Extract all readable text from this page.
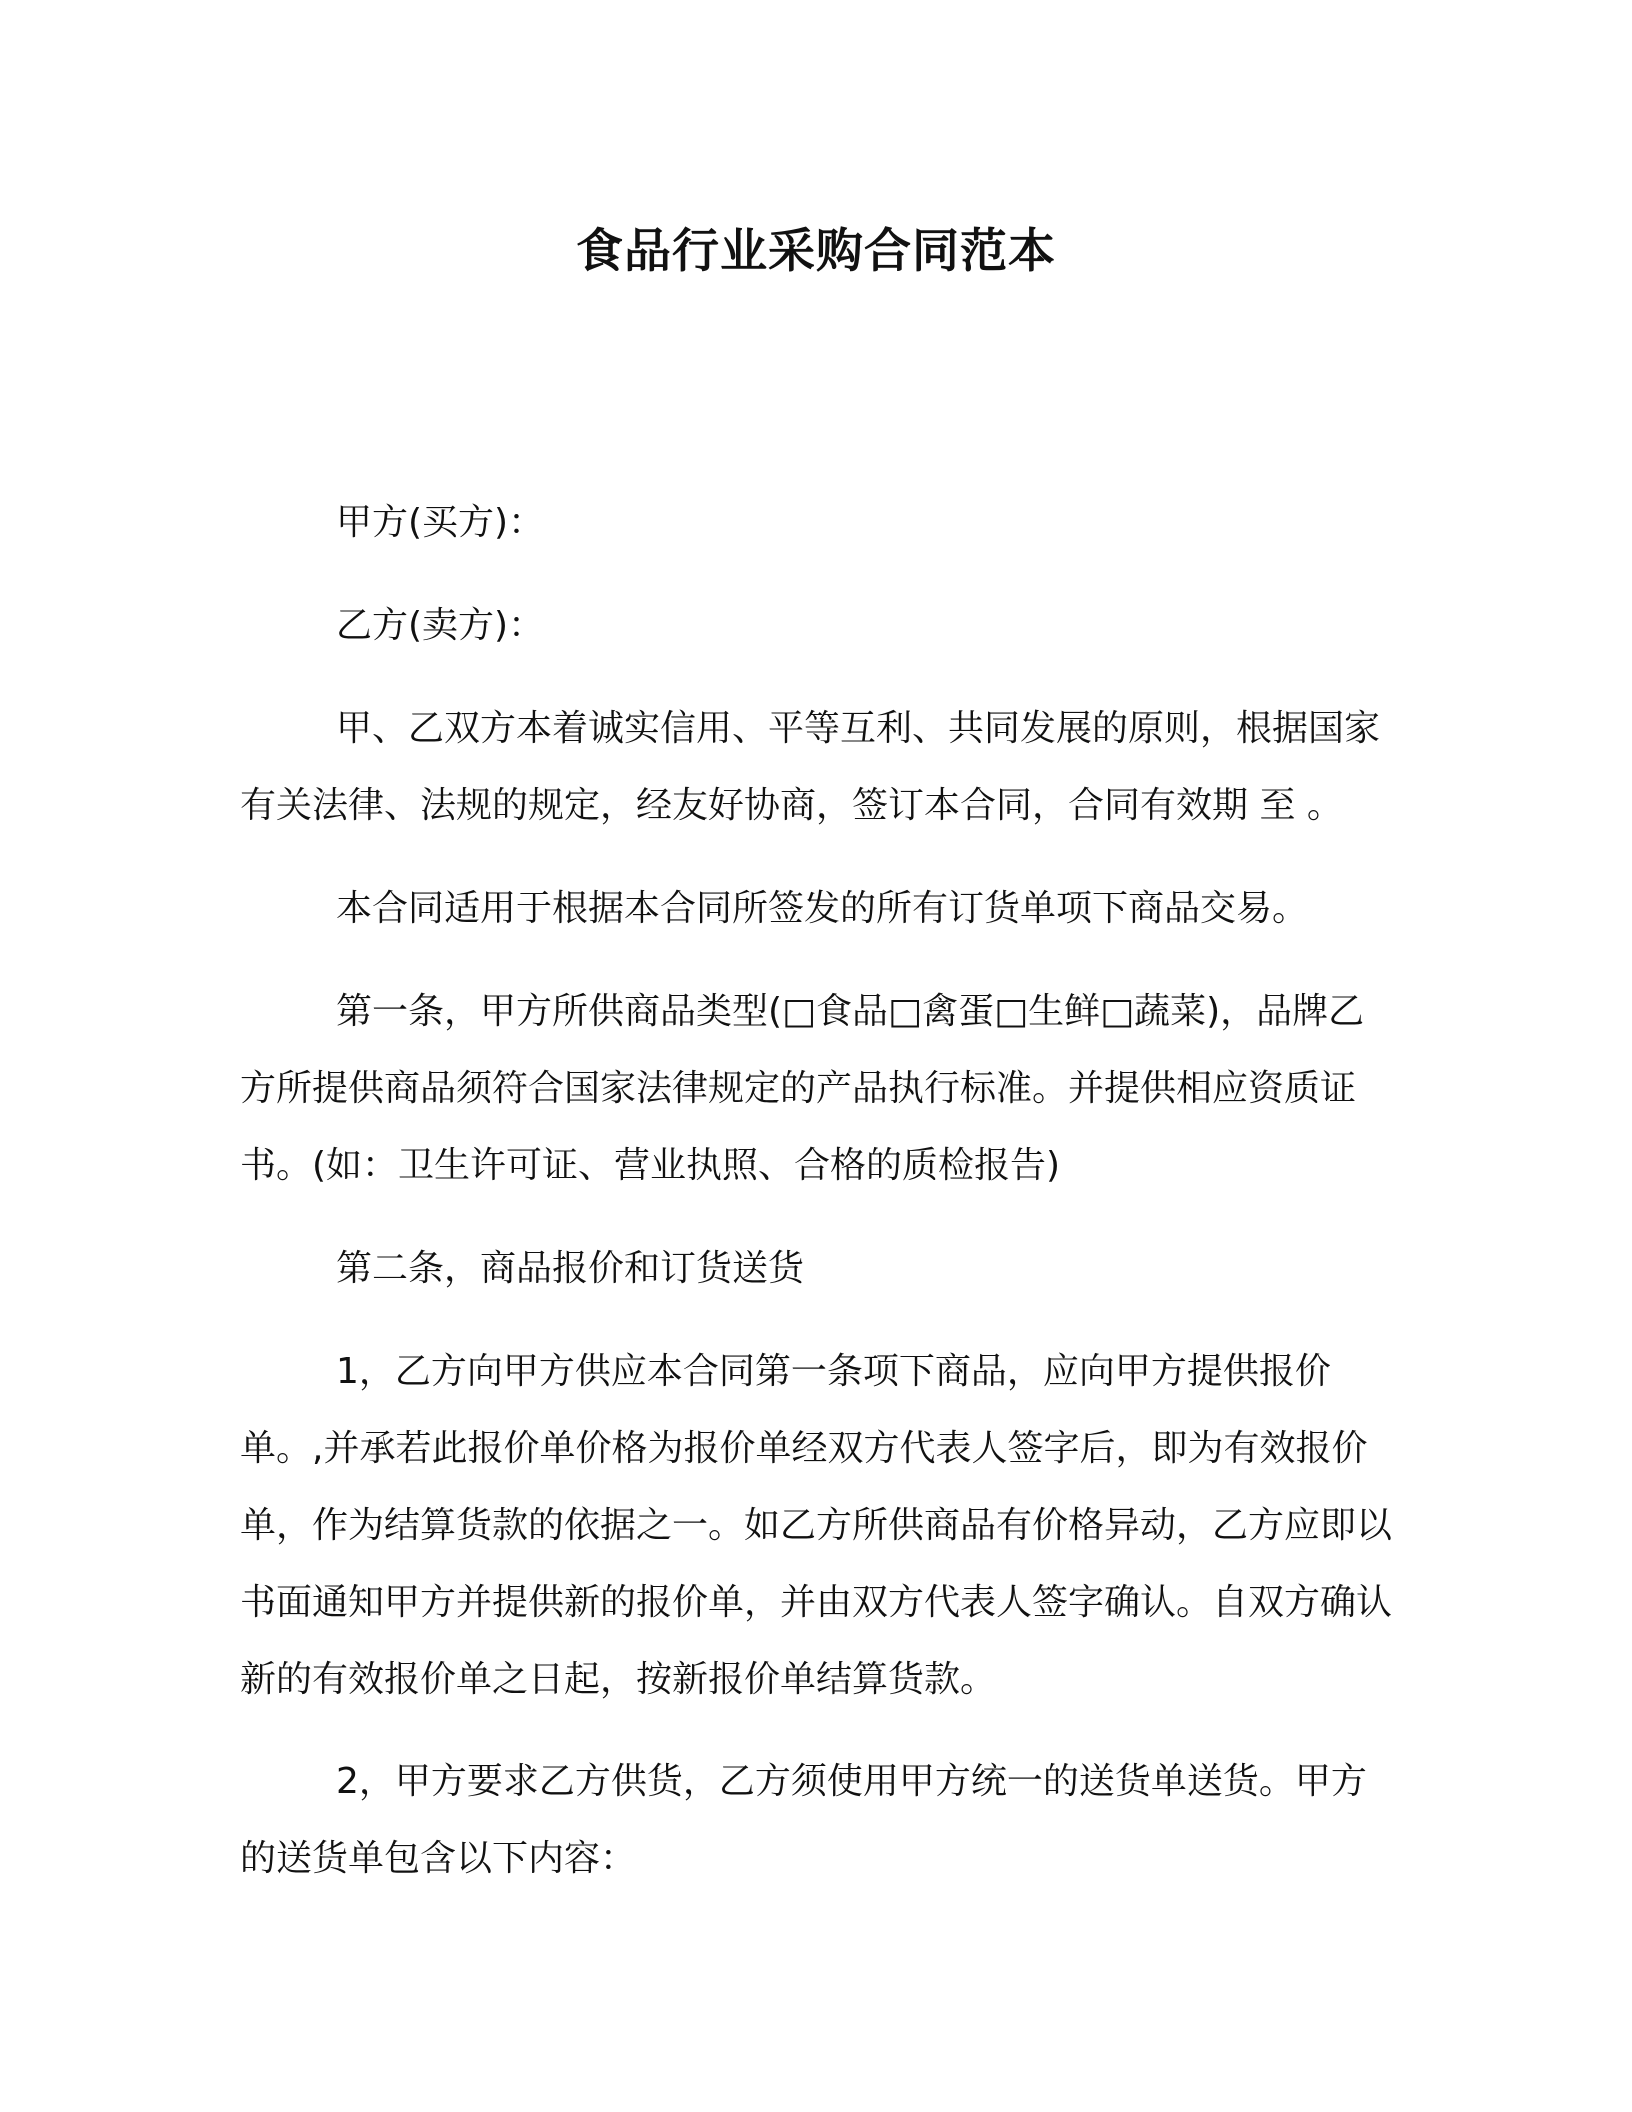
食品行业采购合同范本

甲方(买方)：

乙方(卖方)：

甲、乙双方本着诚实信用、平等互利、共同发展的原则，根据国家有关法律、法规的规定，经友好协商，签订本合同，合同有效期 至 。

本合同适用于根据本合同所签发的所有订货单项下商品交易。

第一条，甲方所供商品类型(□食品□禽蛋□生鲜□蔬菜)，品牌乙方所提供商品须符合国家法律规定的产品执行标准。并提供相应资质证书。(如：卫生许可证、营业执照、合格的质检报告)

第二条，商品报价和订货送货

1，乙方向甲方供应本合同第一条项下商品，应向甲方提供报价单。,并承若此报价单价格为报价单经双方代表人签字后，即为有效报价单，作为结算货款的依据之一。如乙方所供商品有价格异动，乙方应即以书面通知甲方并提供新的报价单，并由双方代表人签字确认。自双方确认新的有效报价单之日起，按新报价单结算货款。

2，甲方要求乙方供货，乙方须使用甲方统一的送货单送货。甲方的送货单包含以下内容：
